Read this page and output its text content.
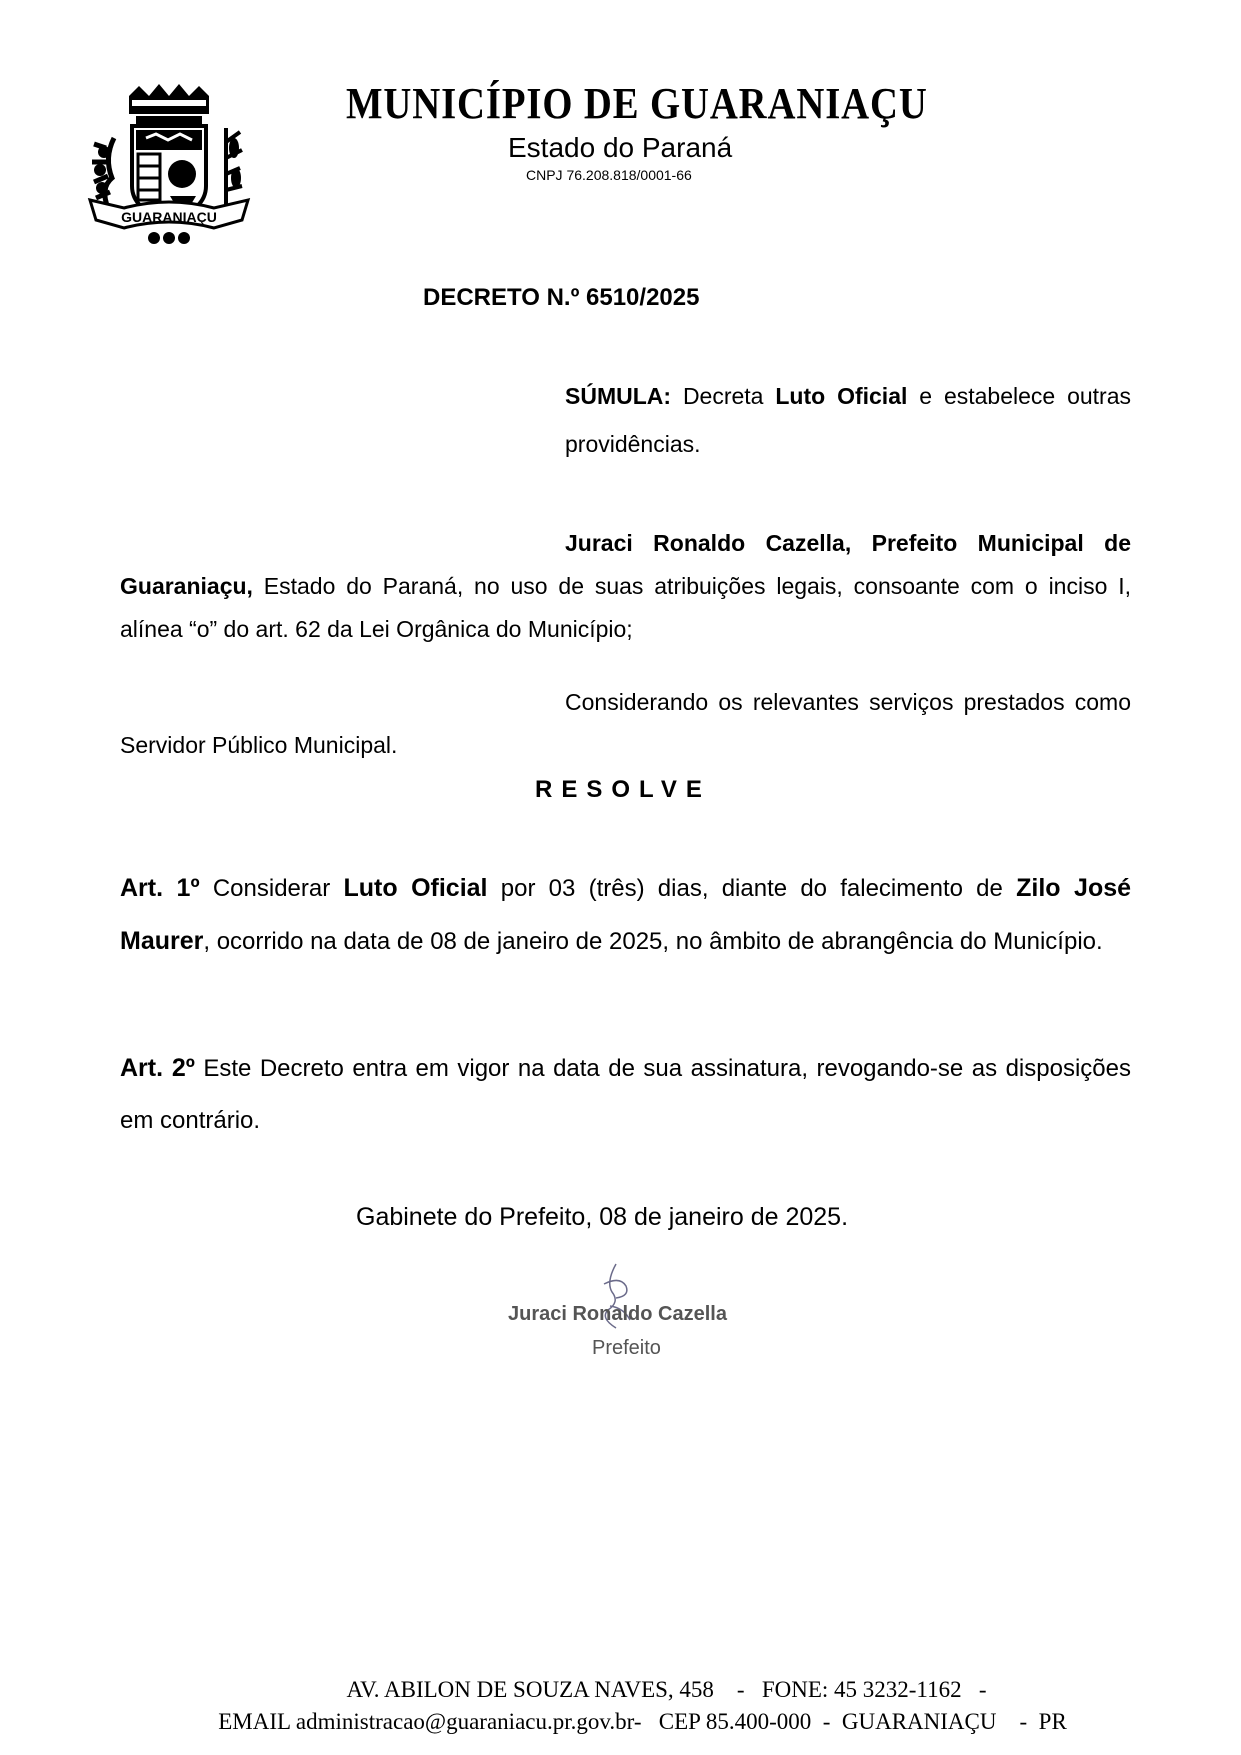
GUARANIAÇU
MUNICÍPIO DE GUARANIAÇU
Estado do Paraná
CNPJ 76.208.818/0001-66
DECRETO N.º 6510/2025
SÚMULA: Decreta Luto Oficial e estabelece outras providências.
Juraci Ronaldo Cazella, Prefeito Municipal de Guaraniaçu, Estado do Paraná, no uso de suas atribuições legais, consoante com o inciso I, alínea “o” do art. 62 da Lei Orgânica do Município;
Considerando os relevantes serviços prestados como Servidor Público Municipal.
RESOLVE
Art. 1º Considerar Luto Oficial por 03 (três) dias, diante do falecimento de Zilo José Maurer, ocorrido na data de 08 de janeiro de 2025, no âmbito de abrangência do Município.
Art. 2º Este Decreto entra em vigor na data de sua assinatura, revogando-se as disposições em contrário.
Gabinete do Prefeito, 08 de janeiro de 2025.
Juraci Ronaldo Cazella
Prefeito
AV. ABILON DE SOUZA NAVES, 458    -   FONE: 45 3232-1162   -
EMAIL administracao@guaraniacu.pr.gov.br-   CEP 85.400-000  -  GUARANIAÇU    -  PR
